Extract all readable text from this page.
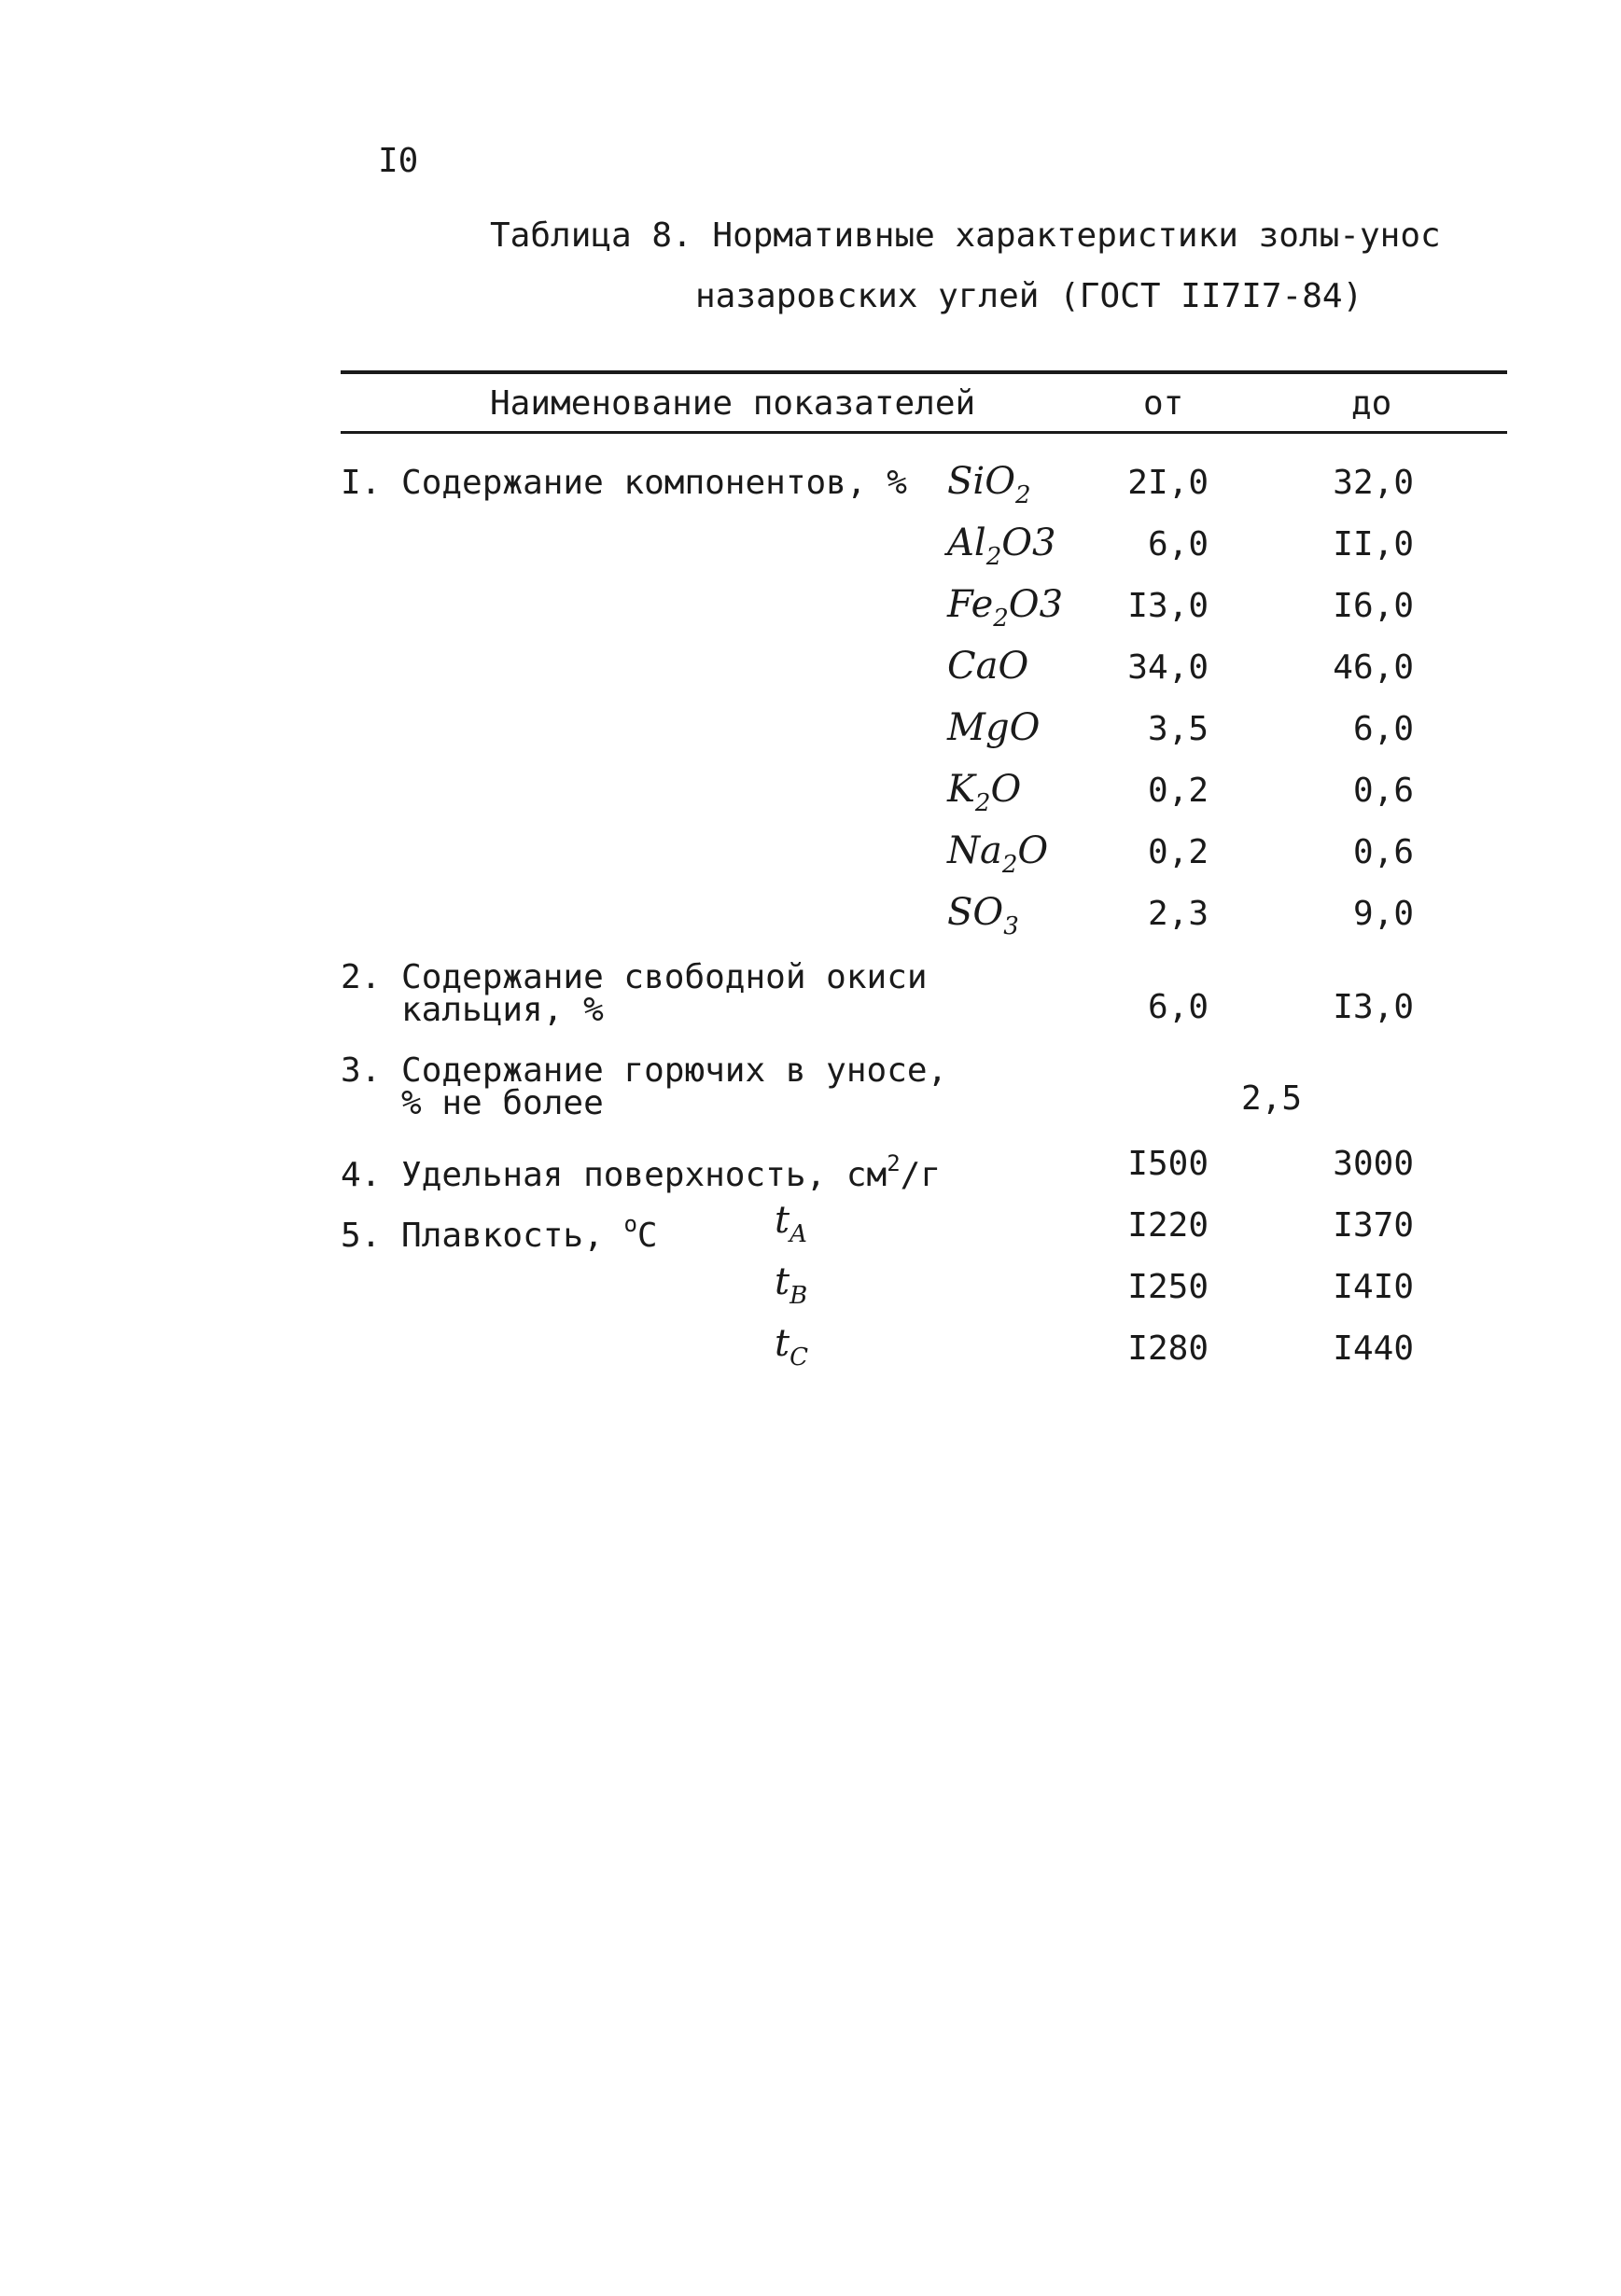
I0
Таблица 8. Нормативные характеристики золы-унос
назаровских углей (ГОСТ II7I7-84)
Наименование показателей	от	до
I. Содержание компонентов, % SiO$_2$	2I,0	32,0
$Al_2O3$	6,0	II,0
$Fe_2O3$	I3,0	I6,0
CaO	34,0	46,0
MgO	3,5	6,0
$K_2O$	0,2	0,6
$Na_2O$	0,2	0,6
$SO_3$	2,3	9,0
2. Содержание свободной окиси
кальция, %	6,0	I3,0
3. Содержание горючих в уносе,
% не более	2,5
4. Удельная поверхность, $см^2/г$	I500	3000
5. Плавкость, $^о$С	$t_A$	I220	I370
$t_B$	I250	I4I0
$t_C$	I280	I440
